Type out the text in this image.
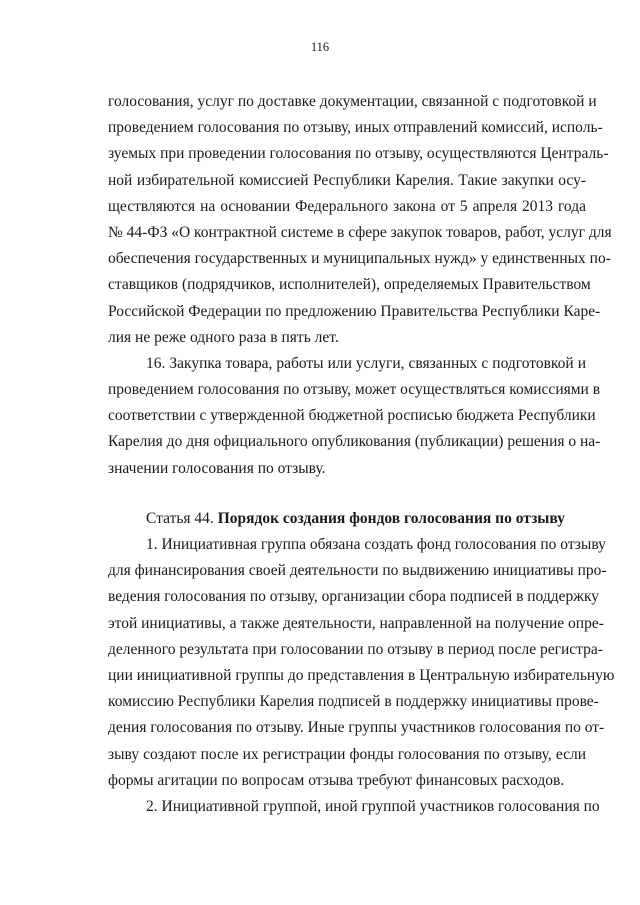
116
голосования, услуг по доставке документации, связанной с подготовкой и
проведением голосования по отзыву, иных отправлений комиссий, исполь-
зуемых при проведении голосования по отзыву, осуществляются Централь-
ной избирательной комиссией Республики Карелия. Такие закупки осу-
ществляются на основании Федерального закона от 5 апреля 2013 года
№ 44-ФЗ «О контрактной системе в сфере закупок товаров, работ, услуг для
обеспечения государственных и муниципальных нужд» у единственных по-
ставщиков (подрядчиков, исполнителей), определяемых Правительством
Российской Федерации по предложению Правительства Республики Каре-
лия не реже одного раза в пять лет.
16. Закупка товара, работы или услуги, связанных с подготовкой и
проведением голосования по отзыву, может осуществляться комиссиями в
соответствии с утвержденной бюджетной росписью бюджета Республики
Карелия до дня официального опубликования (публикации) решения о на-
значении голосования по отзыву.
Статья 44. Порядок создания фондов голосования по отзыву
1. Инициативная группа обязана создать фонд голосования по отзыву
для финансирования своей деятельности по выдвижению инициативы про-
ведения голосования по отзыву, организации сбора подписей в поддержку
этой инициативы, а также деятельности, направленной на получение опре-
деленного результата при голосовании по отзыву в период после регистра-
ции инициативной группы до представления в Центральную избирательную
комиссию Республики Карелия подписей в поддержку инициативы прове-
дения голосования по отзыву. Иные группы участников голосования по от-
зыву создают после их регистрации фонды голосования по отзыву, если
формы агитации по вопросам отзыва требуют финансовых расходов.
2. Инициативной группой, иной группой участников голосования по
